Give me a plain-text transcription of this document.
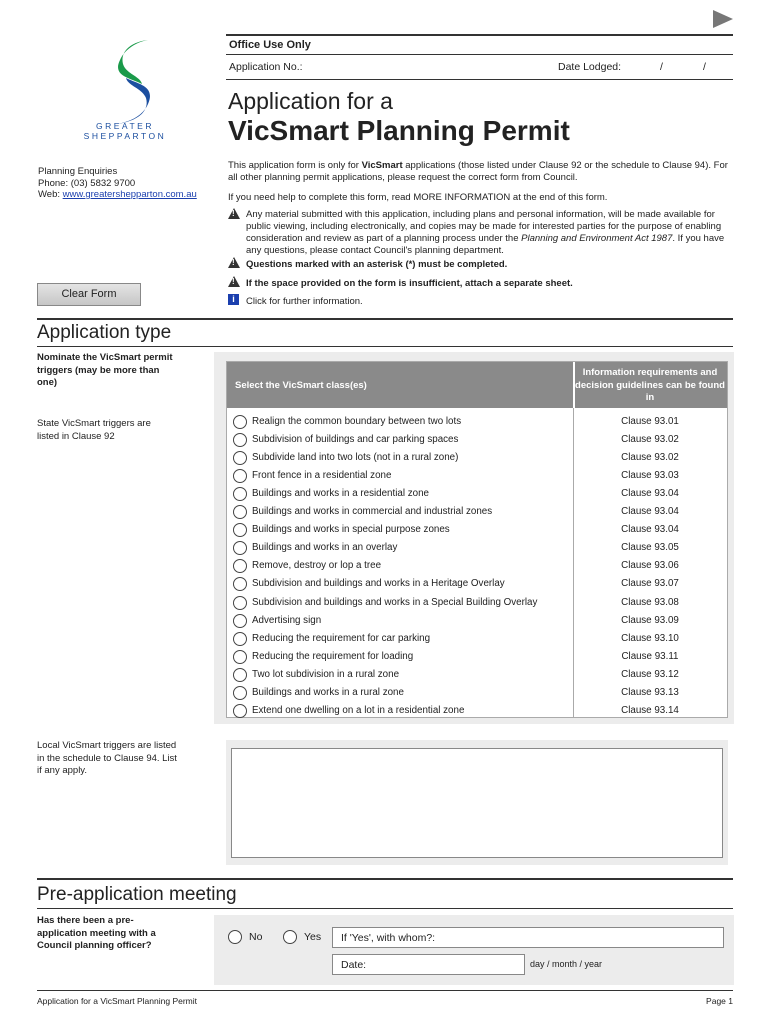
Office Use Only
Application No.:	Date Lodged:	/	/
GREATER
SHEPPARTON
Planning Enquiries
Phone: (03) 5832 9700
Web: www.greatershepparton.com.au
Application for a
VicSmart Planning Permit
This application form is only for VicSmart applications (those listed under Clause 92 or the schedule to Clause 94). For all other planning permit applications, please request the correct form from Council.
If you need help to complete this form, read MORE INFORMATION at the end of this form.
!
Any material submitted with this application, including plans and personal information, will be made available for public viewing, including electronically, and copies may be made for interested parties for the purpose of enabling consideration and review as part of a planning process under the Planning and Environment Act 1987. If you have any questions, please contact Council's planning department.
!
Questions marked with an asterisk (*) must be completed.
!
If the space provided on the form is insufficient, attach a separate sheet.
i	Click for further information.
Clear Form
Application type
Nominate the VicSmart permit triggers (may be more than one)
State VicSmart triggers are listed in Clause 92
Select the VicSmart class(es)
Information requirements and decision guidelines can be found in
Realign the common boundary between two lots	Clause 93.01
Subdivision of buildings and car parking spaces	Clause 93.02
Subdivide land into two lots (not in a rural zone)	Clause 93.02
Front fence in a residential zone	Clause 93.03
Buildings and works in a residential zone	Clause 93.04
Buildings and works in commercial and industrial zones	Clause 93.04
Buildings and works in special purpose zones	Clause 93.04
Buildings and works in an overlay	Clause 93.05
Remove, destroy or lop a tree	Clause 93.06
Subdivision and buildings and works in a Heritage Overlay	Clause 93.07
Subdivision and buildings and works in a Special Building Overlay	Clause 93.08
Advertising sign	Clause 93.09
Reducing the requirement for car parking	Clause 93.10
Reducing the requirement for loading	Clause 93.11
Two lot subdivision in a rural zone	Clause 93.12
Buildings and works in a rural zone	Clause 93.13
Extend one dwelling on a lot in a residential zone	Clause 93.14
Local VicSmart triggers are listed in the schedule to Clause 94. List if any apply.
Pre-application meeting
Has there been a pre-application meeting with a Council planning officer?
No	Yes	If 'Yes', with whom?:
Date:	day / month / year
Application for a VicSmart Planning Permit	Page 1
